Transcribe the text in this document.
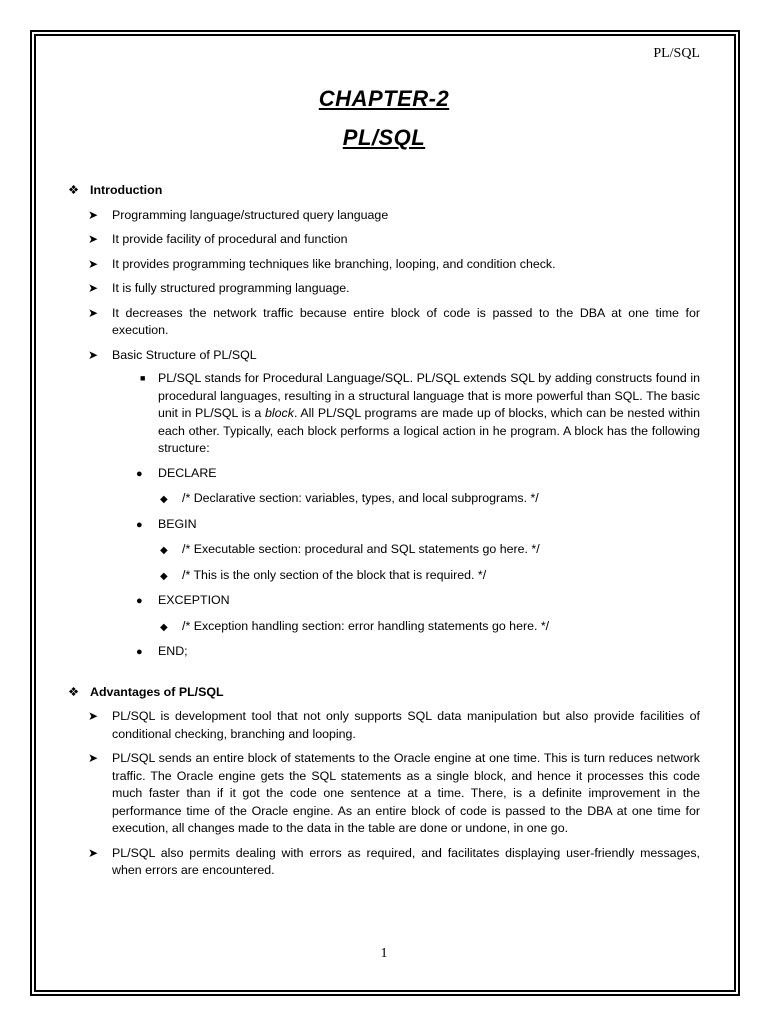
PL/SQL
CHAPTER-2
PL/SQL
❖ Introduction
➤	Programming language/structured query language
➤	It provide facility of procedural and function
➤	It provides programming techniques like branching, looping, and condition check.
➤	It is fully structured programming language.
➤	It decreases the network traffic because entire block of code is passed to the DBA at one time for execution.
➤	Basic Structure of PL/SQL
■	PL/SQL stands for Procedural Language/SQL. PL/SQL extends SQL by adding constructs found in procedural languages, resulting in a structural language that is more powerful than SQL. The basic unit in PL/SQL is a block. All PL/SQL programs are made up of blocks, which can be nested within each other. Typically, each block performs a logical action in he program. A block has the following structure:
●	DECLARE
◆	/* Declarative section: variables, types, and local subprograms. */
●	BEGIN
◆	/* Executable section: procedural and SQL statements go here. */
◆	/* This is the only section of the block that is required. */
●	EXCEPTION
◆	/* Exception handling section: error handling statements go here. */
●	END;
❖ Advantages of PL/SQL
➤	PL/SQL is development tool that not only supports SQL data manipulation but also provide facilities of conditional checking, branching and looping.
➤	PL/SQL sends an entire block of statements to the Oracle engine at one time. This is turn reduces network traffic. The Oracle engine gets the SQL statements as a single block, and hence it processes this code much faster than if it got the code one sentence at a time. There, is a definite improvement in the performance time of the Oracle engine. As an entire block of code is passed to the DBA at one time for execution, all changes made to the data in the table are done or undone, in one go.
➤	PL/SQL also permits dealing with errors as required, and facilitates displaying user-friendly messages, when errors are encountered.
1
